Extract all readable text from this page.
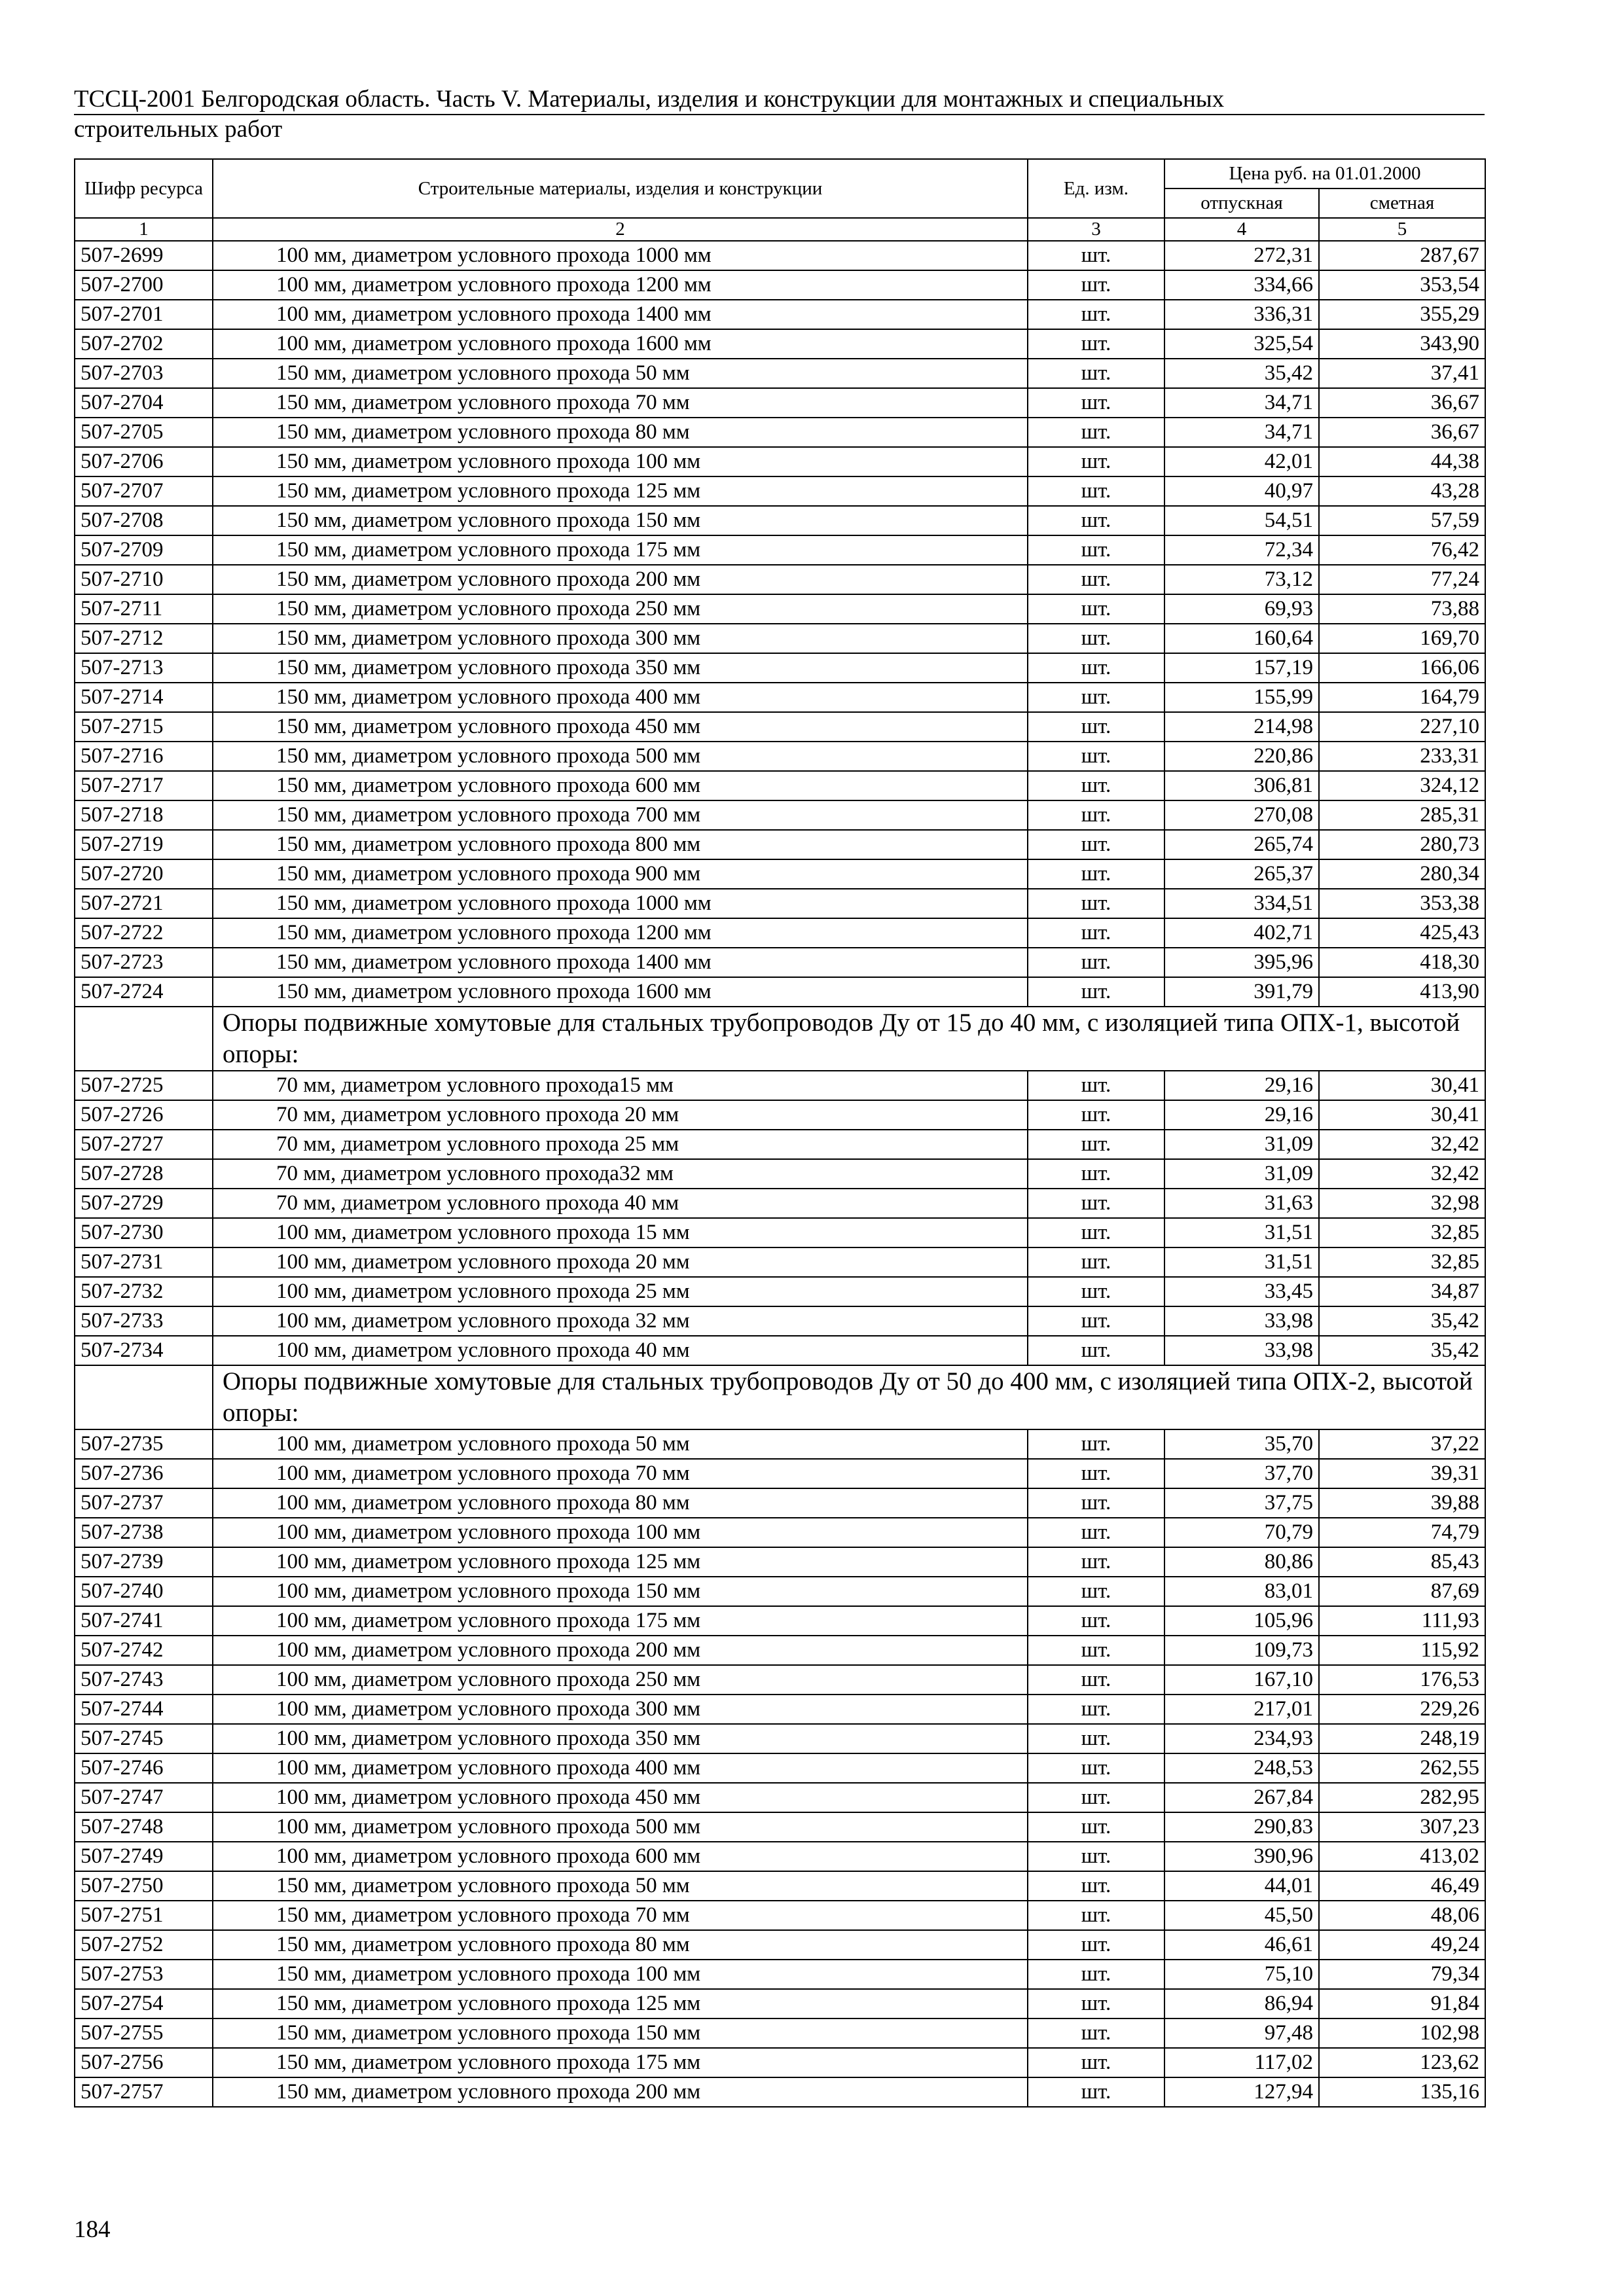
ТССЦ-2001 Белгородская область. Часть V. Материалы, изделия и конструкции для монтажных и специальных
строительных работ
Шифр ресурса	Строительные материалы, изделия и конструкции	Ед. изм.	Цена руб. на 01.01.2000	
			отпускная	сметная
1	2	3	4	5
507-2699	100 мм, диаметром условного прохода 1000 мм	шт.	272,31	287,67
507-2700	100 мм, диаметром условного прохода 1200 мм	шт.	334,66	353,54
507-2701	100 мм, диаметром условного прохода 1400 мм	шт.	336,31	355,29
507-2702	100 мм, диаметром условного прохода 1600 мм	шт.	325,54	343,90
507-2703	150 мм, диаметром условного прохода 50 мм	шт.	35,42	37,41
507-2704	150 мм, диаметром условного прохода 70 мм	шт.	34,71	36,67
507-2705	150 мм, диаметром условного прохода 80 мм	шт.	34,71	36,67
507-2706	150 мм, диаметром условного прохода 100 мм	шт.	42,01	44,38
507-2707	150 мм, диаметром условного прохода 125 мм	шт.	40,97	43,28
507-2708	150 мм, диаметром условного прохода 150 мм	шт.	54,51	57,59
507-2709	150 мм, диаметром условного прохода 175 мм	шт.	72,34	76,42
507-2710	150 мм, диаметром условного прохода 200 мм	шт.	73,12	77,24
507-2711	150 мм, диаметром условного прохода 250 мм	шт.	69,93	73,88
507-2712	150 мм, диаметром условного прохода 300 мм	шт.	160,64	169,70
507-2713	150 мм, диаметром условного прохода 350 мм	шт.	157,19	166,06
507-2714	150 мм, диаметром условного прохода 400 мм	шт.	155,99	164,79
507-2715	150 мм, диаметром условного прохода 450 мм	шт.	214,98	227,10
507-2716	150 мм, диаметром условного прохода 500 мм	шт.	220,86	233,31
507-2717	150 мм, диаметром условного прохода 600 мм	шт.	306,81	324,12
507-2718	150 мм, диаметром условного прохода 700 мм	шт.	270,08	285,31
507-2719	150 мм, диаметром условного прохода 800 мм	шт.	265,74	280,73
507-2720	150 мм, диаметром условного прохода 900 мм	шт.	265,37	280,34
507-2721	150 мм, диаметром условного прохода 1000 мм	шт.	334,51	353,38
507-2722	150 мм, диаметром условного прохода 1200 мм	шт.	402,71	425,43
507-2723	150 мм, диаметром условного прохода 1400 мм	шт.	395,96	418,30
507-2724	150 мм, диаметром условного прохода 1600 мм	шт.	391,79	413,90
	Опоры подвижные хомутовые для стальных трубопроводов Ду от 15 до 40 мм, с изоляцией типа ОПХ-1, высотой опоры:			
507-2725	70 мм, диаметром условного прохода15 мм	шт.	29,16	30,41
507-2726	70 мм, диаметром условного прохода 20 мм	шт.	29,16	30,41
507-2727	70 мм, диаметром условного прохода 25 мм	шт.	31,09	32,42
507-2728	70 мм, диаметром условного прохода32 мм	шт.	31,09	32,42
507-2729	70 мм, диаметром условного прохода 40 мм	шт.	31,63	32,98
507-2730	100 мм, диаметром условного прохода 15 мм	шт.	31,51	32,85
507-2731	100 мм, диаметром условного прохода 20 мм	шт.	31,51	32,85
507-2732	100 мм, диаметром условного прохода 25 мм	шт.	33,45	34,87
507-2733	100 мм, диаметром условного прохода 32 мм	шт.	33,98	35,42
507-2734	100 мм, диаметром условного прохода 40 мм	шт.	33,98	35,42
	Опоры подвижные хомутовые для стальных трубопроводов Ду от 50 до 400 мм, с изоляцией типа ОПХ-2, высотой опоры:			
507-2735	100 мм, диаметром условного прохода 50 мм	шт.	35,70	37,22
507-2736	100 мм, диаметром условного прохода 70 мм	шт.	37,70	39,31
507-2737	100 мм, диаметром условного прохода 80 мм	шт.	37,75	39,88
507-2738	100 мм, диаметром условного прохода 100 мм	шт.	70,79	74,79
507-2739	100 мм, диаметром условного прохода 125 мм	шт.	80,86	85,43
507-2740	100 мм, диаметром условного прохода 150 мм	шт.	83,01	87,69
507-2741	100 мм, диаметром условного прохода 175 мм	шт.	105,96	111,93
507-2742	100 мм, диаметром условного прохода 200 мм	шт.	109,73	115,92
507-2743	100 мм, диаметром условного прохода 250 мм	шт.	167,10	176,53
507-2744	100 мм, диаметром условного прохода 300 мм	шт.	217,01	229,26
507-2745	100 мм, диаметром условного прохода 350 мм	шт.	234,93	248,19
507-2746	100 мм, диаметром условного прохода 400 мм	шт.	248,53	262,55
507-2747	100 мм, диаметром условного прохода 450 мм	шт.	267,84	282,95
507-2748	100 мм, диаметром условного прохода 500 мм	шт.	290,83	307,23
507-2749	100 мм, диаметром условного прохода 600 мм	шт.	390,96	413,02
507-2750	150 мм, диаметром условного прохода 50 мм	шт.	44,01	46,49
507-2751	150 мм, диаметром условного прохода 70 мм	шт.	45,50	48,06
507-2752	150 мм, диаметром условного прохода 80 мм	шт.	46,61	49,24
507-2753	150 мм, диаметром условного прохода 100 мм	шт.	75,10	79,34
507-2754	150 мм, диаметром условного прохода 125 мм	шт.	86,94	91,84
507-2755	150 мм, диаметром условного прохода 150 мм	шт.	97,48	102,98
507-2756	150 мм, диаметром условного прохода 175 мм	шт.	117,02	123,62
507-2757	150 мм, диаметром условного прохода 200 мм	шт.	127,94	135,16
184
